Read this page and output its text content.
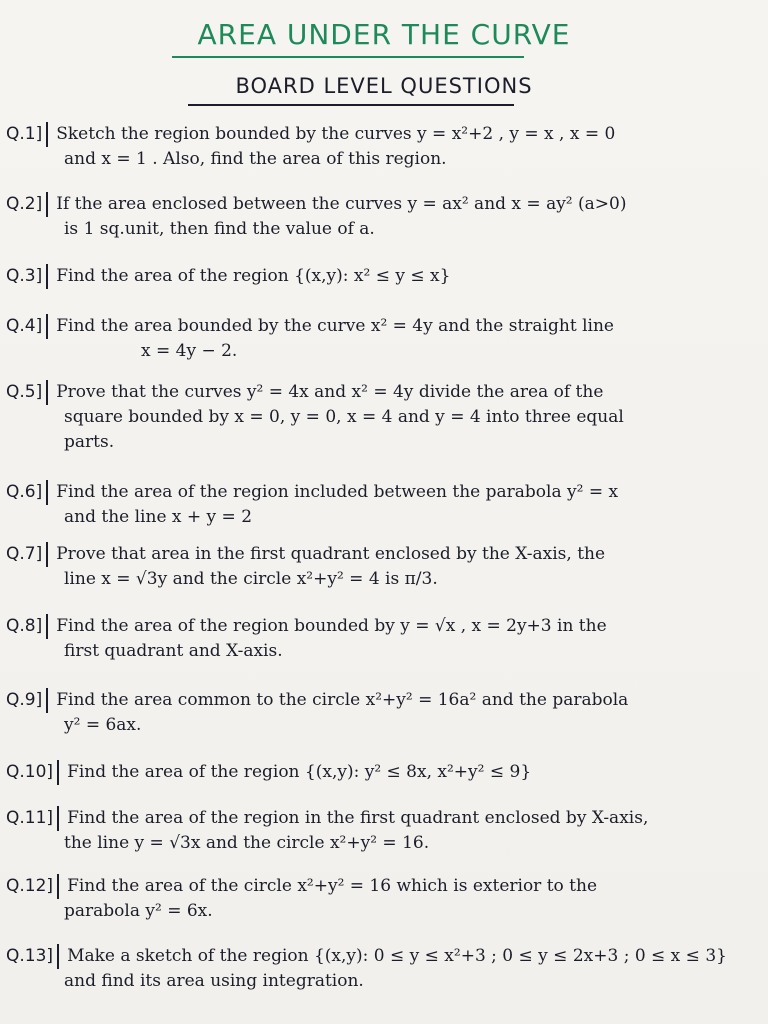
AREA UNDER THE CURVE
BOARD LEVEL QUESTIONS
Q.1] Sketch the region bounded by the curves y = x²+2 , y = x , x = 0
and x = 1 . Also, find the area of this region.
Q.2] If the area enclosed between the curves y = ax² and x = ay² (a>0)
is 1 sq.unit, then find the value of a.
Q.3] Find the area of the region {(x,y): x² ≤ y ≤ x}
Q.4] Find the area bounded by the curve x² = 4y and the straight line
x = 4y − 2.
Q.5] Prove that the curves y² = 4x and x² = 4y divide the area of the
square bounded by x = 0, y = 0, x = 4 and y = 4 into three equal
parts.
Q.6] Find the area of the region included between the parabola y² = x
and the line x + y = 2
Q.7] Prove that area in the first quadrant enclosed by the X-axis, the
line x = √3y and the circle x²+y² = 4 is π/3.
Q.8] Find the area of the region bounded by y = √x , x = 2y+3 in the
first quadrant and X-axis.
Q.9] Find the area common to the circle x²+y² = 16a² and the parabola
y² = 6ax.
Q.10] Find the area of the region {(x,y): y² ≤ 8x, x²+y² ≤ 9}
Q.11] Find the area of the region in the first quadrant enclosed by X-axis,
the line y = √3x and the circle x²+y² = 16.
Q.12] Find the area of the circle x²+y² = 16 which is exterior to the
parabola y² = 6x.
Q.13] Make a sketch of the region {(x,y): 0 ≤ y ≤ x²+3 ; 0 ≤ y ≤ 2x+3 ; 0 ≤ x ≤ 3}
and find its area using integration.
